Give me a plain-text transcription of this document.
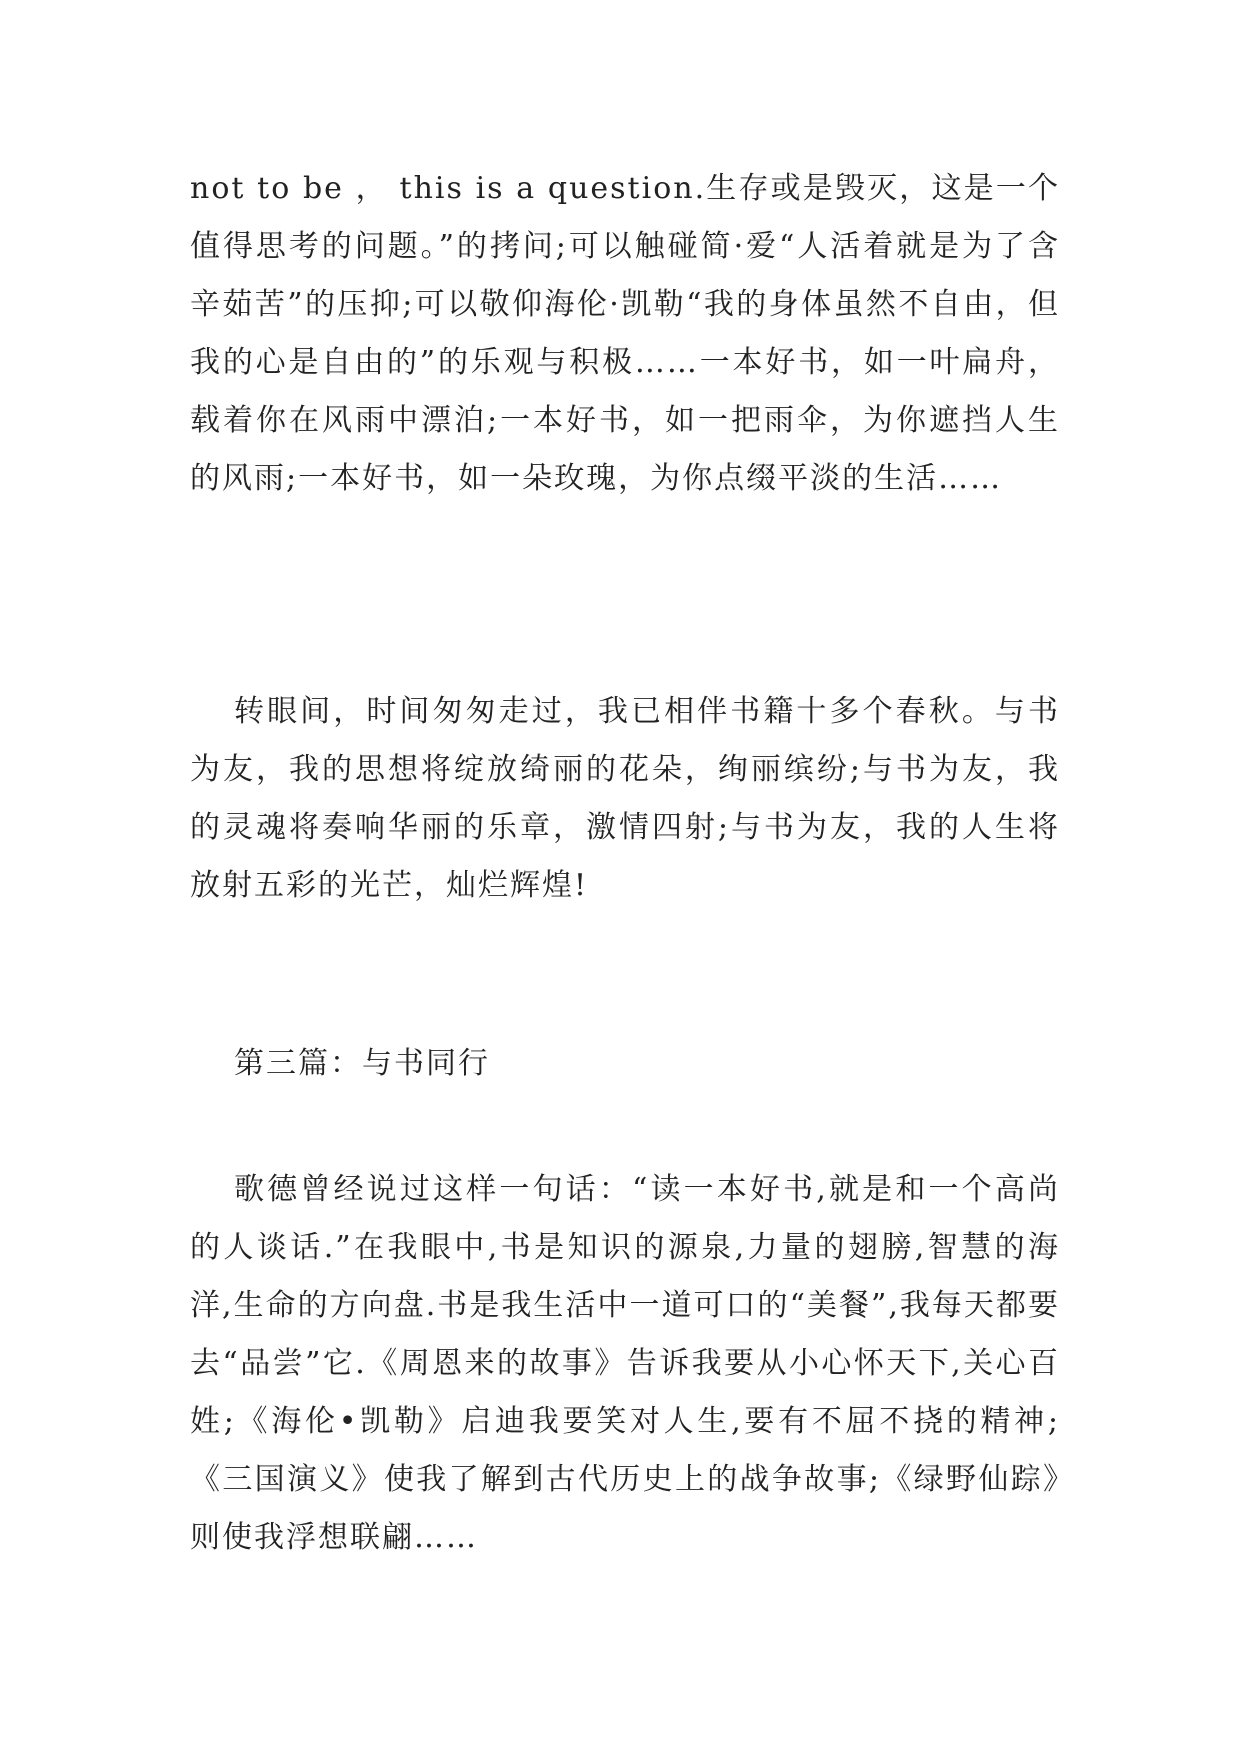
not to be ， this is a question.生存或是毁灭，这是一个值得思考的问题。”的拷问;可以触碰简·爱“人活着就是为了含辛茹苦”的压抑;可以敬仰海伦·凯勒“我的身体虽然不自由，但我的心是自由的”的乐观与积极……一本好书，如一叶扁舟，载着你在风雨中漂泊;一本好书，如一把雨伞，为你遮挡人生的风雨;一本好书，如一朵玫瑰，为你点缀平淡的生活……

转眼间，时间匆匆走过，我已相伴书籍十多个春秋。与书为友，我的思想将绽放绮丽的花朵，绚丽缤纷;与书为友，我的灵魂将奏响华丽的乐章，激情四射;与书为友，我的人生将放射五彩的光芒，灿烂辉煌!

第三篇：与书同行

歌德曾经说过这样一句话：“读一本好书,就是和一个高尚的人谈话.”在我眼中,书是知识的源泉,力量的翅膀,智慧的海洋,生命的方向盘.书是我生活中一道可口的“美餐”,我每天都要去“品尝”它.《周恩来的故事》告诉我要从小心怀天下,关心百姓;《海伦•凯勒》启迪我要笑对人生,要有不屈不挠的精神;《三国演义》使我了解到古代历史上的战争故事;《绿野仙踪》则使我浮想联翩……
